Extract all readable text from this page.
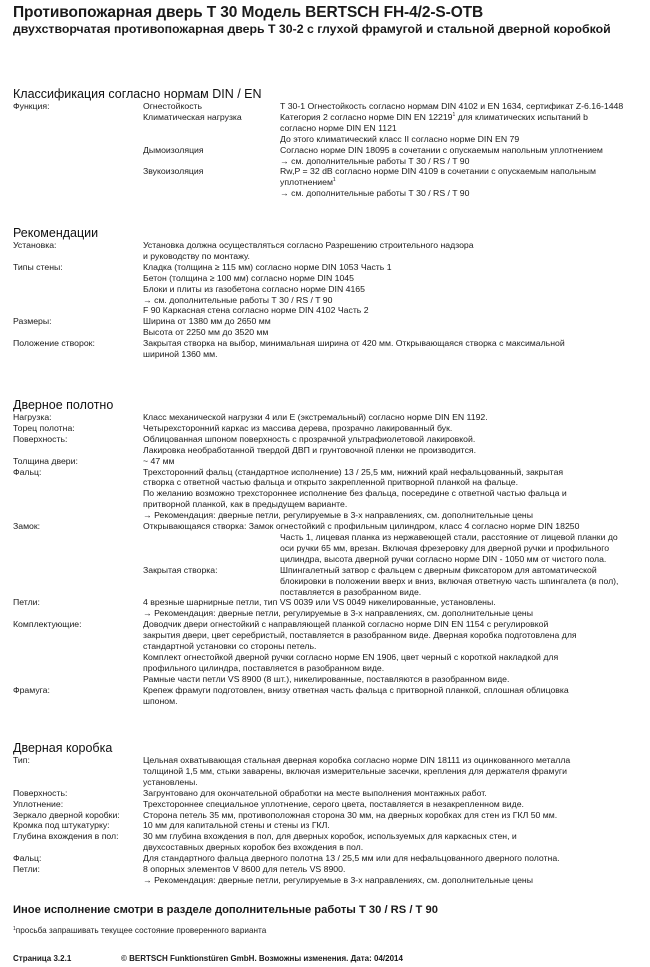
Противопожарная дверь Т 30 Модель BERTSCH FH-4/2-S-OTB
двухстворчатая противопожарная дверь Т 30-2 с глухой фрамугой и стальной дверной коробкой
Классификация согласно нормам DIN / EN
Функция:	Огнестойкость	Т 30-1 Огнестойкость согласно нормам DIN 4102 и EN 1634, сертификат Z-6.16-1448
Климатическая нагрузка	Категория 2 согласно норме DIN EN 12219$^1$ для климатических испытаний b
согласно норме DIN EN 1121
До этого климатический класс II согласно норме DIN EN 79
Дымоизоляция	Согласно норме DIN 18095 в сочетании с опускаемым напольным уплотнением
→ см. дополнительные работы Т 30 / RS / T 90
Звукоизоляция	Rw,P = 32 dB согласно норме DIN 4109 в сочетании с опускаемым напольным
уплотнением$^1$
→ см. дополнительные работы Т 30 / RS / T 90
Рекомендации
Установка:	Установка должна осуществляться согласно Разрешению строительного надзора
и руководству по монтажу.
Типы стены:	Кладка (толщина ≥ 115 мм) согласно норме DIN 1053 Часть 1
Бетон (толщина ≥ 100 мм) согласно норме DIN 1045
Блоки и плиты из газобетона согласно норме DIN 4165
→ см. дополнительные работы Т 30 / RS / T 90
F 90 Каркасная стена согласно норме DIN 4102 Часть 2
Размеры:	Ширина от 1380 мм до 2650 мм
Высота от 2250 мм до 3520 мм
Положение створок:	Закрытая створка на выбор, минимальная ширина от 420 мм. Открывающаяся створка с максимальной
шириной 1360 мм.
Дверное полотно
Нагрузка:	Класс механической нагрузки 4 или E (экстремальный) согласно норме DIN EN 1192.
Торец полотна:	Четырехсторонний каркас из массива дерева, прозрачно лакированный бук.
Поверхность:	Облицованная шпоном поверхность с прозрачной ультрафиолетовой лакировкой.
Лакировка необработанной твердой ДВП и грунтовочной пленки не производится.
Толщина двери:	~ 47 мм
Фальц:	Трехсторонний фальц (стандартное исполнение) 13 / 25,5 мм, нижний край нефальцованный, закрытая
створка с ответной частью фальца и открыто закрепленной притворной планкой на фальце.
По желанию возможно трехстороннее исполнение без фальца, посередине с ответной частью фальца и
притворной планкой, как в предыдущем варианте.
→ Рекомендация: дверные петли, регулируемые в 3-х направлениях, см. дополнительные цены
Замок:	Открывающаяся створка: Замок огнестойкий с профильным цилиндром, класс 4 согласно норме DIN 18250
Часть 1, лицевая планка из нержавеющей стали, расстояние от лицевой планки до
оси ручки 65 мм, врезан. Включая фрезеровку для дверной ручки и профильного
цилиндра, высота дверной ручки согласно норме DIN - 1050 мм от чистого пола.
Закрытая створка:	Шпингалетный затвор с фальцем с дверным фиксатором для автоматической
блокировки в положении вверх и вниз, включая ответную часть шпингалета (в пол),
поставляется в разобранном виде.
Петли:	4 врезные шарнирные петли, тип VS 0039 или VS 0049 никелированные, установлены.
→ Рекомендация: дверные петли, регулируемые в 3-х направлениях, см. дополнительные цены
Комплектующие:	Доводчик двери огнестойкий с направляющей планкой согласно норме DIN EN 1154 с регулировкой
закрытия двери, цвет серебристый, поставляется в разобранном виде. Дверная коробка подготовлена для
стандартной установки со стороны петель.
Комплект огнестойкой дверной ручки согласно норме EN 1906, цвет черный с короткой накладкой для
профильного цилиндра, поставляется в разобранном виде.
Рамные части петли VS 8900 (8 шт.), никелированные, поставляются в разобранном виде.
Фрамуга:	Крепеж фрамуги подготовлен, внизу ответная часть фальца с притворной планкой, сплошная облицовка
шпоном.
Дверная коробка
Тип:	Цельная охватывающая стальная дверная коробка согласно норме DIN 18111 из оцинкованного металла
толщиной 1,5 мм, стыки заварены, включая измерительные засечки, крепления для держателя фрамуги
установлены.
Поверхность:	Загрунтовано для окончательной обработки на месте выполнения монтажных работ.
Уплотнение:	Трехстороннее специальное уплотнение, серого цвета, поставляется в незакрепленном виде.
Зеркало дверной коробки:	Сторона петель 35 мм, противоположная сторона 30 мм, на дверных коробках для стен из ГКЛ 50 мм.
Кромка под штукатурку:	10 мм для капитальной стены и стены из ГКЛ.
Глубина вхождения в пол:	30 мм глубина вхождения в пол, для дверных коробок, используемых для каркасных стен, и
двухсоставных дверных коробок без вхождения в пол.
Фальц:	Для стандартного фальца дверного полотна 13 / 25,5 мм или для нефальцованного дверного полотна.
Петли:	8 опорных элементов V 8600 для петель VS 8900.
→ Рекомендация: дверные петли, регулируемые в 3-х направлениях, см. дополнительные цены
Иное исполнение смотри в разделе дополнительные работы Т 30 / RS / T 90
$^1$просьба запрашивать текущее состояние проверенного варианта
Страница 3.2.1	© BERTSCH Funktionstüren GmbH. Возможны изменения. Дата: 04/2014
